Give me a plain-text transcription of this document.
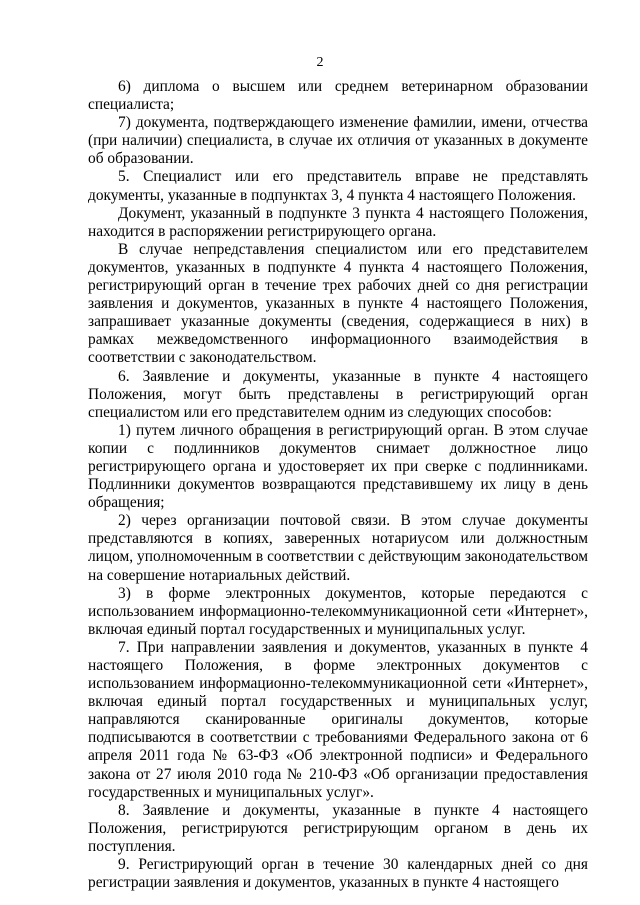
2

6) диплома о высшем или среднем ветеринарном образовании специалиста;

7) документа, подтверждающего изменение фамилии, имени, отчества (при наличии) специалиста, в случае их отличия от указанных в документе об образовании.

5. Специалист или его представитель вправе не представлять документы, указанные в подпунктах 3, 4 пункта 4 настоящего Положения.

Документ, указанный в подпункте 3 пункта 4 настоящего Положения, находится в распоряжении регистрирующего органа.

В случае непредставления специалистом или его представителем документов, указанных в подпункте 4 пункта 4 настоящего Положения, регистрирующий орган в течение трех рабочих дней со дня регистрации заявления и документов, указанных в пункте 4 настоящего Положения, запрашивает указанные документы (сведения, содержащиеся в них) в рамках межведомственного информационного взаимодействия в соответствии с законодательством.

6. Заявление и документы, указанные в пункте 4 настоящего Положения, могут быть представлены в регистрирующий орган специалистом или его представителем одним из следующих способов:

1) путем личного обращения в регистрирующий орган. В этом случае копии с подлинников документов снимает должностное лицо регистрирующего органа и удостоверяет их при сверке с подлинниками. Подлинники документов возвращаются представившему их лицу в день обращения;

2) через организации почтовой связи. В этом случае документы представляются в копиях, заверенных нотариусом или должностным лицом, уполномоченным в соответствии с действующим законодательством на совершение нотариальных действий.

3) в форме электронных документов, которые передаются с использованием информационно-телекоммуникационной сети «Интернет», включая единый портал государственных и муниципальных услуг.

7. При направлении заявления и документов, указанных в пункте 4 настоящего Положения, в форме электронных документов с использованием информационно-телекоммуникационной сети «Интернет», включая единый портал государственных и муниципальных услуг, направляются сканированные оригиналы документов, которые подписываются в соответствии с требованиями Федерального закона от 6 апреля 2011 года № 63-ФЗ «Об электронной подписи» и Федерального закона от 27 июля 2010 года № 210-ФЗ «Об организации предоставления государственных и муниципальных услуг».

8. Заявление и документы, указанные в пункте 4 настоящего Положения, регистрируются регистрирующим органом в день их поступления.

9. Регистрирующий орган в течение 30 календарных дней со дня регистрации заявления и документов, указанных в пункте 4 настоящего
